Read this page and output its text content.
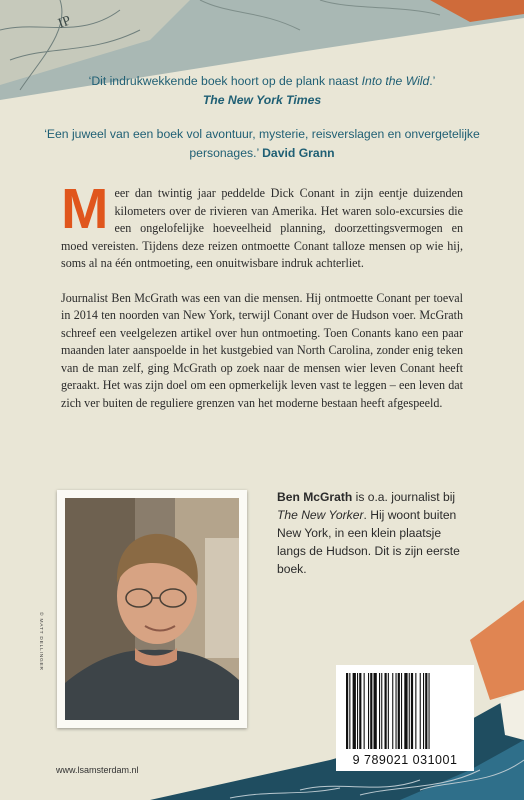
IP

‘Dit indrukwekkende boek hoort op de plank naast Into the Wild.’
The New York Times

‘Een juweel van een boek vol avontuur, mysterie, reisverslagen en onvergetelijke personages.’ David Grann

Meer dan twintig jaar peddelde Dick Conant in zijn eentje duizenden kilometers over de rivieren van Amerika. Het waren solo-excursies die een ongelofelijke hoeveelheid planning, doorzettingsvermogen en moed vereisten. Tijdens deze reizen ontmoette Conant talloze mensen op wie hij, soms al na één ontmoeting, een onuitwisbare indruk achterliet.

Journalist Ben McGrath was een van die mensen. Hij ontmoette Conant per toeval in 2014 ten noorden van New York, terwijl Conant over de Hudson voer. McGrath schreef een veelgelezen artikel over hun ontmoeting. Toen Conants kano een paar maanden later aanspoelde in het kustgebied van North Carolina, zonder enig teken van de man zelf, ging McGrath op zoek naar de mensen wier leven Conant heeft geraakt. Het was zijn doel om een opmerkelijk leven vast te leggen – een leven dat zich ver buiten de reguliere grenzen van het moderne bestaan heeft afgespeeld.

© MATT DELLINGER
Ben McGrath is o.a. journalist bij The New Yorker. Hij woont buiten New York, in een klein plaatsje langs de Hudson. Dit is zijn eerste boek.
www.lsamsterdam.nl
9 789021 031001
